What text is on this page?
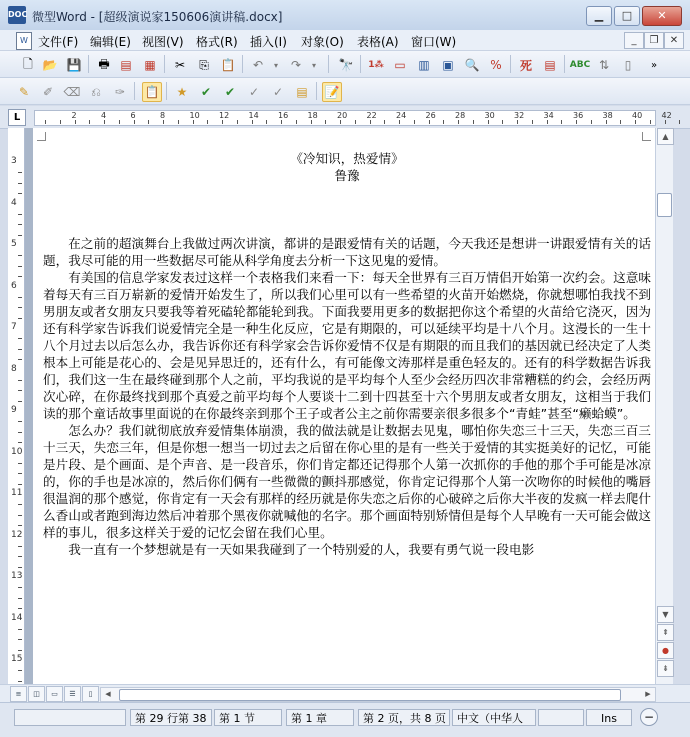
DOC 微型Word - [超级演说家150606演讲稿.docx]	▁	□	✕
W 文件(F) 编辑(E) 视图(V) 格式(R) 插入(I) 对象(O) 表格(A) 窗口(W)	_	❐	✕
🗋 📂 💾 🖶 ▤ ▦ ✂ ⎘ 📋 ↶ ▾ ↷ ▾ 🔭 1⁂ ▭ ▥ ▣ 🔍 % 死 ▤ ABC ⇅ ▯ »
✎ ✐ ⌫ ⎌ ✑ 📋 ★ ✔ ✔ ✓ ✓ ▤ 📝
L	2	4	6	8	10 12 14 16 18 20 22 24 26 28 30 32 34 36 38 40 42
3
4
5
6
7
8
9
10
11
12
13
14
15

《冷知识，热爱情》

鲁豫

在之前的超演舞台上我做过两次讲演，都讲的是跟爱情有关的话题，今天我还是想讲一讲跟爱情有关的话题，我尽可能的用一些数据尽可能从科学角度去分析一下这见鬼的爱情。

有美国的信息学家发表过这样一个表格我们来看一下：每天全世界有三百万情侣开始第一次约会。这意味着每天有三百万崭新的爱情开始发生了，所以我们心里可以有一些希望的火苗开始燃烧，你就想哪怕我找不到男朋友或者女朋友只要我等着死磕轮都能轮到我。下面我要用更多的数据把你这个希望的火苗给它浇灭，因为还有科学家告诉我们说爱情完全是一种生化反应，它是有期限的，可以延续平均是十八个月。这漫长的一生十八个月过去以后怎么办，我告诉你还有科学家会告诉你爱情不仅是有期限的而且我们的基因就已经决定了人类根本上可能是花心的、会是见异思迁的，还有什么，有可能像文涛那样是重色轻友的。还有的科学数据告诉我们，我们这一生在最终碰到那个人之前，平均我说的是平均每个人至少会经历四次非常糟糕的约会，会经历两次心碎，在你最终找到那个真爱之前平均每个人要谈十二到十四甚至十六个男朋友或者女朋友，这相当于我们读的那个童话故事里面说的在你最终亲到那个王子或者公主之前你需要亲很多很多个“青蛙”甚至“癞蛤蟆”。

怎么办？我们就彻底放弃爱情集体崩溃，我的做法就是让数据去见鬼，哪怕你失恋三十三天，失恋三百三十三天，失恋三年，但是你想一想当一切过去之后留在你心里的是有一些关于爱情的其实挺美好的记忆，可能是片段、是个画面、是个声音、是一段音乐，你们肯定都还记得那个人第一次抓你的手他的那个手可能是冰凉的，你的手也是冰凉的，然后你们俩有一些微微的颤抖那感觉，你肯定记得那个人第一次吻你的时候他的嘴唇很温润的那个感觉，你肯定有一天会有那样的经历就是你失恋之后你的心破碎之后你大半夜的发疯一样去爬什么香山或者跑到海边然后冲着那个黑夜你就喊他的名字。那个画面特别矫情但是每个人早晚有一天可能会做这样的事儿，很多这样关于爱的记忆会留在我们心里。

我一直有一个梦想就是有一天如果我碰到了一个特别爱的人，我要有勇气说一段电影

▲
▼
⇞
●
⇟
≡	◫	▭	☰	▯	◀	▶
第 29 行第 38	第 1 节	第 1 章	第 2 页，共 8 页	中文（中华人	Ins	−
